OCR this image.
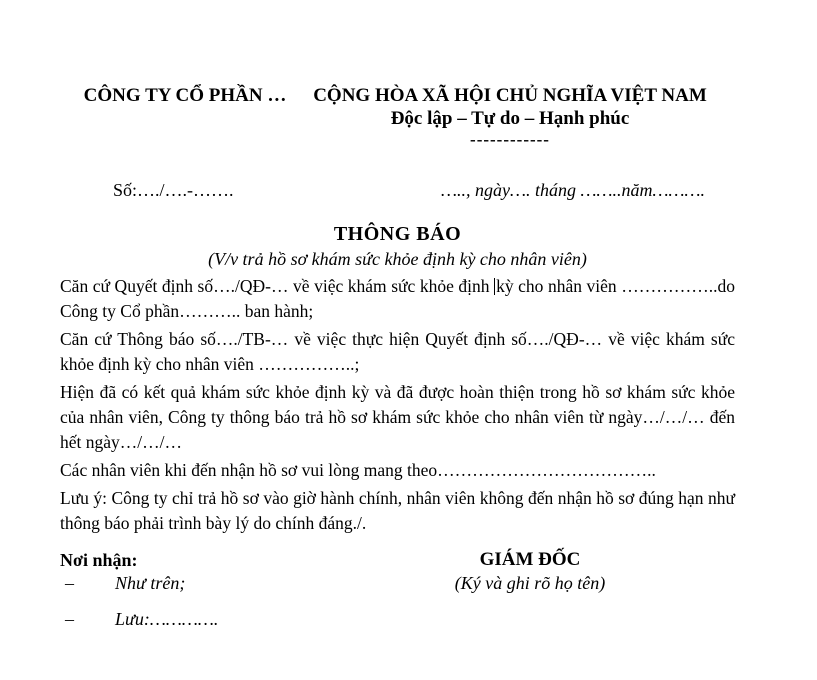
CÔNG TY CỔ PHẦN …	CỘNG HÒA XÃ HỘI CHỦ NGHĨA VIỆT NAM
Độc lập – Tự do – Hạnh phúc
------------
Số:…./….-…….	….., ngày…. tháng ……..năm……….
THÔNG BÁO
(V/v trả hồ sơ khám sức khỏe định kỳ cho nhân viên)

Căn cứ Quyết định số…./QĐ-… về việc khám sức khỏe định kỳ cho nhân viên ……………..do Công ty Cổ phần……….. ban hành;

Căn cứ Thông báo số…./TB-… về việc thực hiện Quyết định số…./QĐ-… về việc khám sức khỏe định kỳ cho nhân viên ……………..;

Hiện đã có kết quả khám sức khỏe định kỳ và đã được hoàn thiện trong hồ sơ khám sức khỏe của nhân viên, Công ty thông báo trả hồ sơ khám sức khỏe cho nhân viên từ ngày…/…/… đến hết ngày…/…/…

Các nhân viên khi đến nhận hồ sơ vui lòng mang theo………………………………..

Lưu ý: Công ty chỉ trả hồ sơ vào giờ hành chính, nhân viên không đến nhận hồ sơ đúng hạn như thông báo phải trình bày lý do chính đáng./.

Nơi nhận:
–	Như trên;
–	Lưu:………….
GIÁM ĐỐC
(Ký và ghi rõ họ tên)
